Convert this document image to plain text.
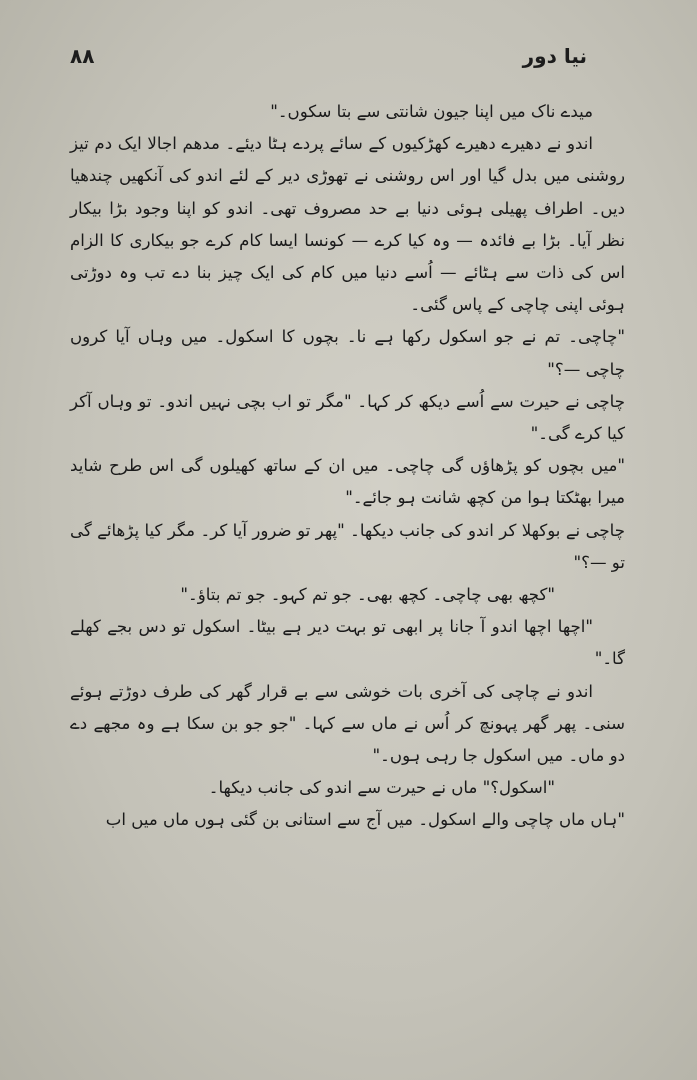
۸۸	نیا دور

میدے ناک میں اپنا جیون شانتی سے بتا سکوں۔"

اندو نے دھیرے دھیرے کھڑکیوں کے سائے پردے ہٹا دیئے۔ مدھم اجالا ایک دم تیز روشنی میں بدل گیا اور اس روشنی نے تھوڑی دیر کے لئے اندو کی آنکھیں چندھیا دیں۔ اطراف پھیلی ہوئی دنیا بے حد مصروف تھی۔ اندو کو اپنا وجود بڑا بیکار نظر آیا۔ بڑا بے فائدہ — وہ کیا کرے — کونسا ایسا کام کرے جو بیکاری کا الزام اس کی ذات سے ہٹائے — اُسے دنیا میں کام کی ایک چیز بنا دے تب وہ دوڑتی ہوئی اپنی چاچی کے پاس گئی۔

"چاچی۔ تم نے جو اسکول رکھا ہے نا۔ بچوں کا اسکول۔ میں وہاں آیا کروں چاچی —؟"

چاچی نے حیرت سے اُسے دیکھ کر کہا۔ "مگر تو اب بچی نہیں اندو۔ تو وہاں آکر کیا کرے گی۔"

"میں بچوں کو پڑھاؤں گی چاچی۔ میں ان کے ساتھ کھیلوں گی اس طرح شاید میرا بھٹکتا ہوا من کچھ شانت ہو جائے۔"

چاچی نے بوکھلا کر اندو کی جانب دیکھا۔ "پھر تو ضرور آیا کر۔ مگر کیا پڑھائے گی تو —؟"

"کچھ بھی چاچی۔ کچھ بھی۔ جو تم کہو۔ جو تم بتاؤ۔"

"اچھا اچھا اندو آ جانا پر ابھی تو بہت دیر ہے بیٹا۔ اسکول تو دس بجے کھلے گا۔"

اندو نے چاچی کی آخری بات خوشی سے بے قرار گھر کی طرف دوڑتے ہوئے سنی۔ پھر گھر پہونچ کر اُس نے ماں سے کہا۔ "جو جو بن سکا ہے وہ مجھے دے دو ماں۔ میں اسکول جا رہی ہوں۔"

"اسکول؟" ماں نے حیرت سے اندو کی جانب دیکھا۔

"ہاں ماں چاچی والے اسکول۔ میں آج سے استانی بن گئی ہوں ماں میں اب
